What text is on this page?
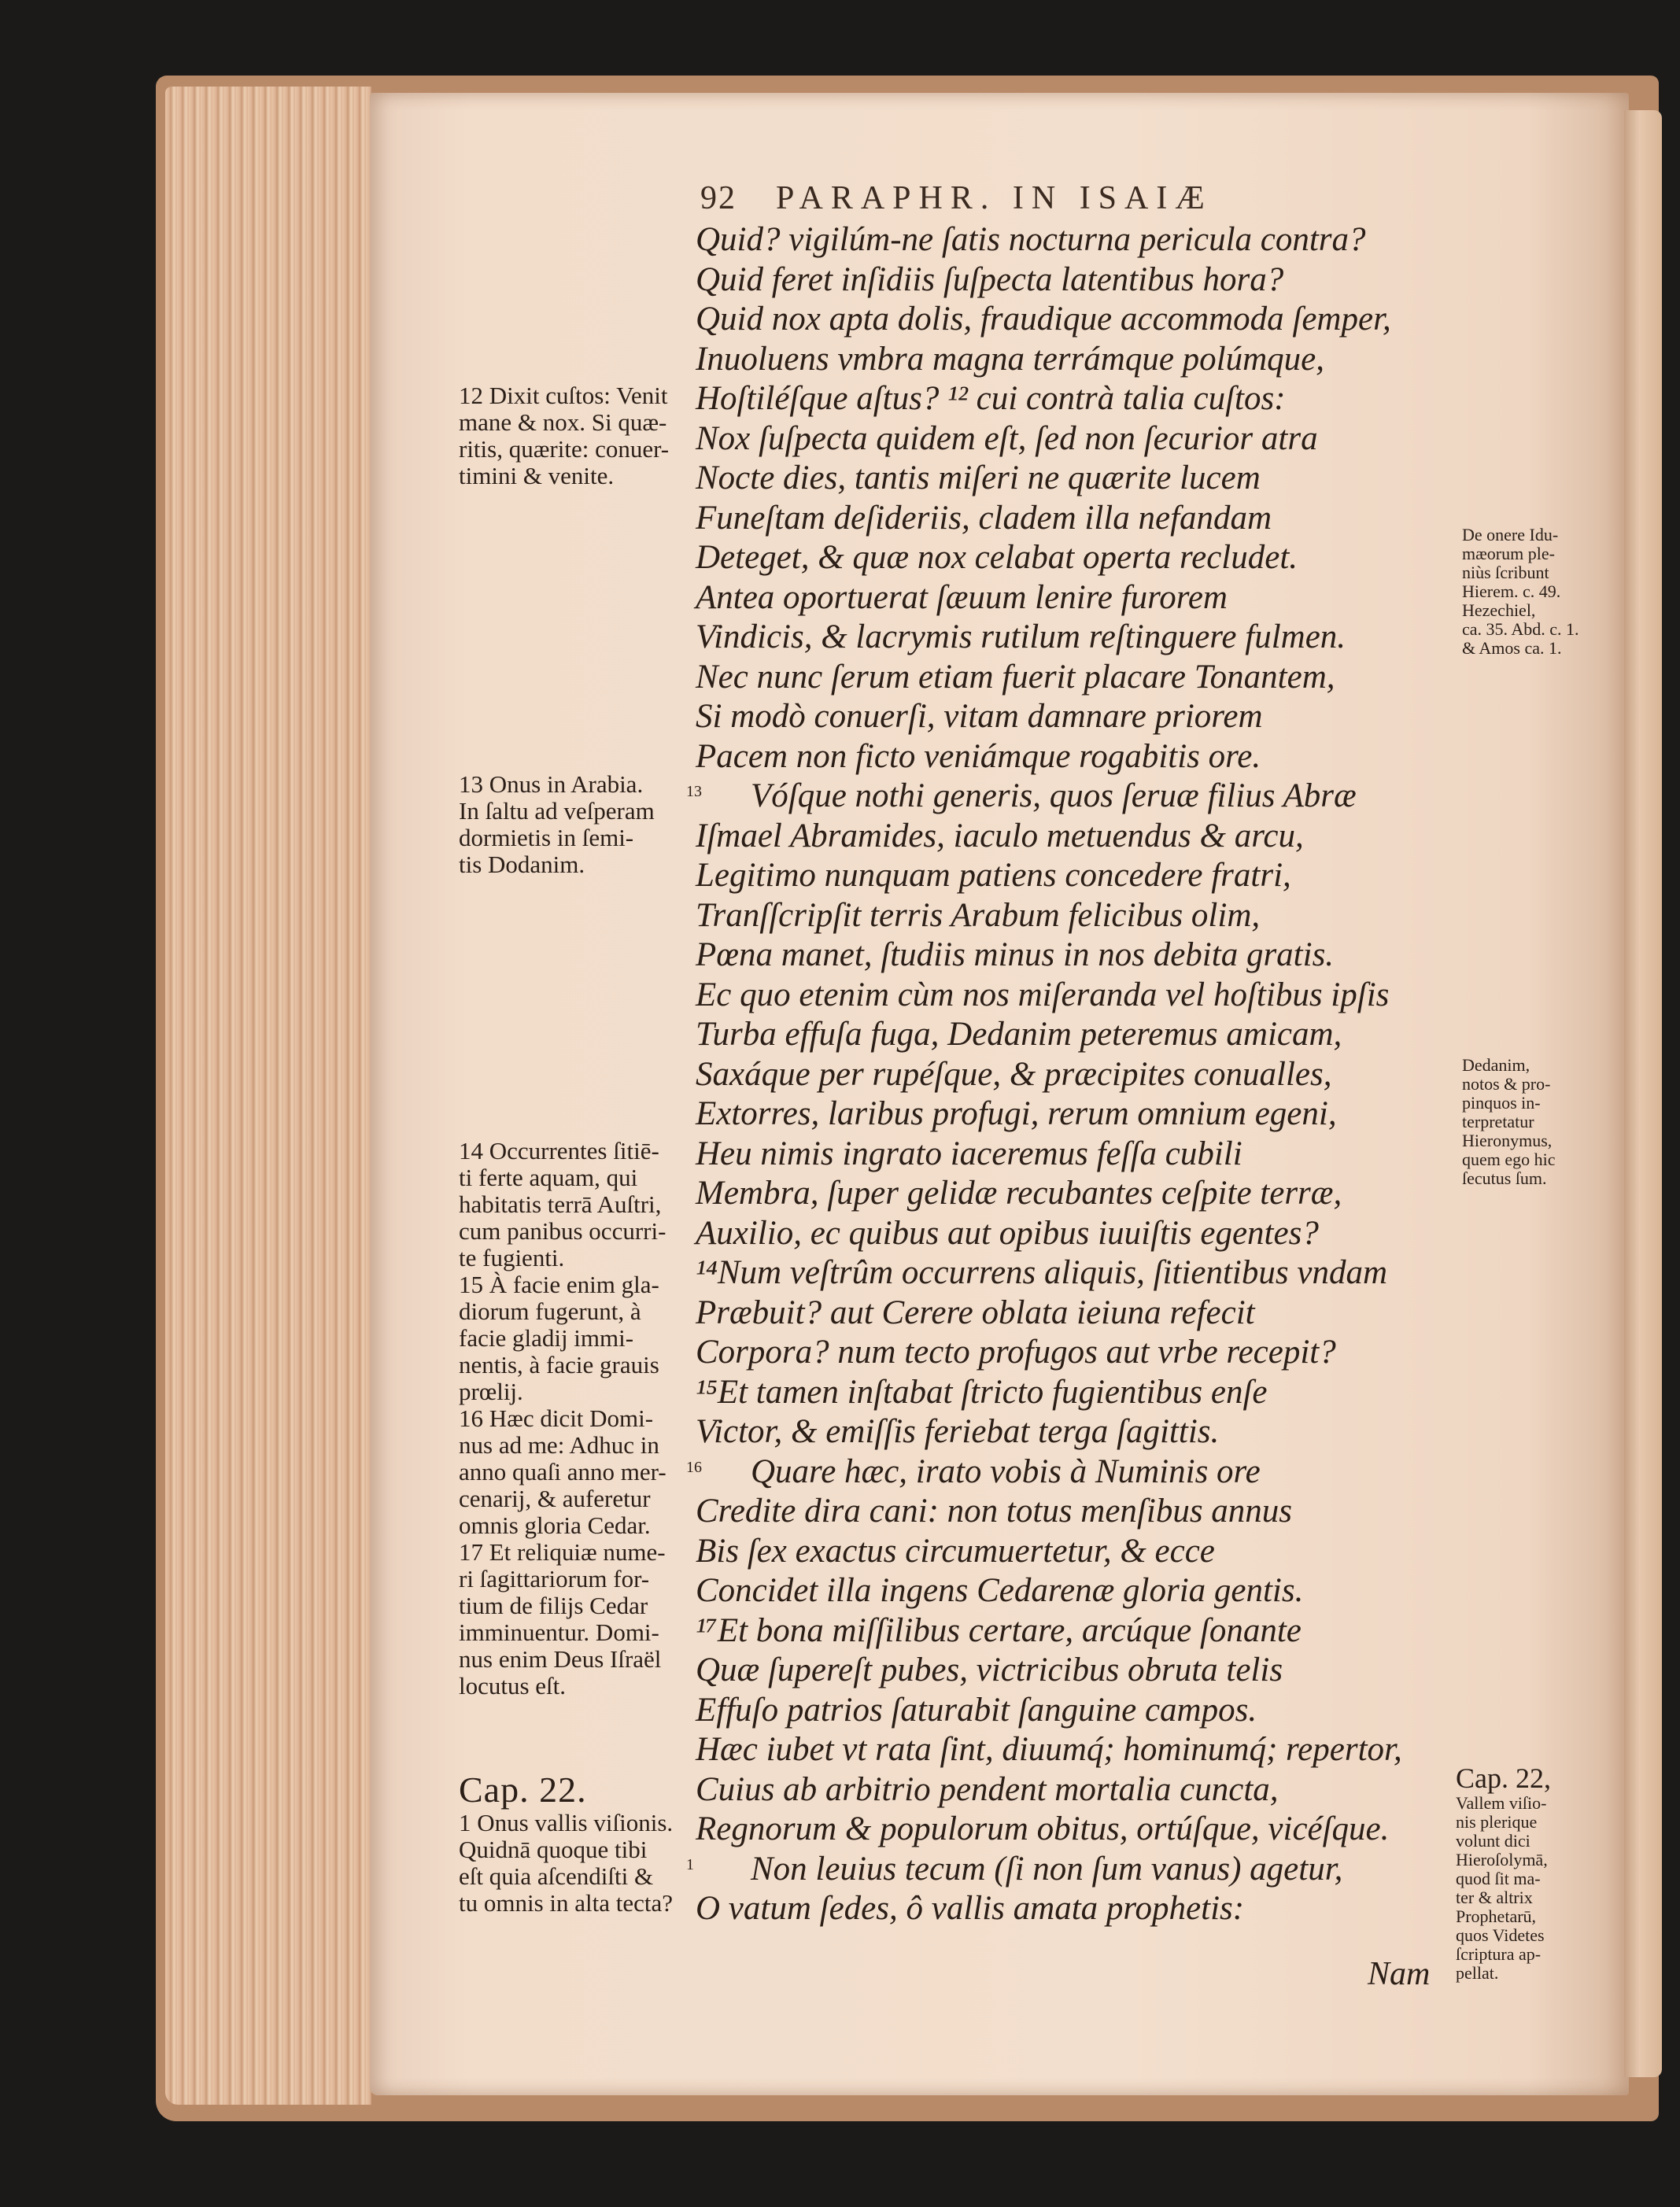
92 PARAPHR. IN ISAIÆ
Quid? vigilúm-ne ſatis nocturna pericula contra?
Quid feret inſidiis ſuſpecta latentibus hora?
Quid nox apta dolis, fraudique accommoda ſemper,
Inuoluens vmbra magna terrámque polúmque,
Hoſtiléſque aſtus? ¹² cui contrà talia cuſtos:
Nox ſuſpecta quidem eſt, ſed non ſecurior atra
Nocte dies, tantis miſeri ne quærite lucem
Funeſtam deſideriis, cladem illa nefandam
Deteget, & quæ nox celabat operta recludet.
Antea oportuerat ſæuum lenire furorem
Vindicis, & lacrymis rutilum reſtinguere fulmen.
Nec nunc ſerum etiam fuerit placare Tonantem,
Si modò conuerſi, vitam damnare priorem
Pacem non ficto veniámque rogabitis ore.
13 Vóſque nothi generis, quos ſeruæ filius Abræ
Iſmael Abramides, iaculo metuendus & arcu,
Legitimo nunquam patiens concedere fratri,
Tranſſcripſit terris Arabum felicibus olim,
Pœna manet, ſtudiis minus in nos debita gratis.
Ec quo etenim cùm nos miſeranda vel hoſtibus ipſis
Turba effuſa fuga, Dedanim peteremus amicam,
Saxáque per rupéſque, & præcipites conualles,
Extorres, laribus profugi, rerum omnium egeni,
Heu nimis ingrato iaceremus feſſa cubili
Membra, ſuper gelidæ recubantes ceſpite terræ,
Auxilio, ec quibus aut opibus iuuiſtis egentes?
¹⁴Num veſtrûm occurrens aliquis, ſitientibus vndam
Præbuit? aut Cerere oblata ieiuna refecit
Corpora? num tecto profugos aut vrbe recepit?
¹⁵Et tamen inſtabat ſtricto fugientibus enſe
Victor, & emiſſis feriebat terga ſagittis.
16 Quare hæc, irato vobis à Numinis ore
Credite dira cani: non totus menſibus annus
Bis ſex exactus circumuertetur, & ecce
Concidet illa ingens Cedarenæ gloria gentis.
¹⁷Et bona miſſilibus certare, arcúque ſonante
Quæ ſupereſt pubes, victricibus obruta telis
Effuſo patrios ſaturabit ſanguine campos.
Hæc iubet vt rata ſint, diuumq́; hominumq́; repertor,
Cuius ab arbitrio pendent mortalia cuncta,
Regnorum & populorum obitus, ortúſque, vicéſque.
1 Non leuius tecum (ſi non ſum vanus) agetur,
O vatum ſedes, ô vallis amata prophetis:
Nam
12 Dixit cuſtos: Venit
mane & nox. Si quæ-
ritis, quærite: conuer-
timini & venite.
13 Onus in Arabia.
In ſaltu ad veſperam
dormietis in ſemi-
tis Dodanim.
14 Occurrentes ſitiē-
ti ferte aquam, qui
habitatis terrā Auſtri,
cum panibus occurri-
te fugienti.
15 À facie enim gla-
diorum fugerunt, à
facie gladij immi-
nentis, à facie grauis
prœlij.
16 Hæc dicit Domi-
nus ad me: Adhuc in
anno quaſi anno mer-
cenarij, & auferetur
omnis gloria Cedar.
17 Et reliquiæ nume-
ri ſagittariorum for-
tium de filijs Cedar
imminuentur. Domi-
nus enim Deus Iſraël
locutus eſt.
Cap. 22.
1 Onus vallis viſionis.
Quidnā quoque tibi
eſt quia aſcendiſti &
tu omnis in alta tecta?
De onere Idu-
mæorum ple-
niùs ſcribunt
Hierem. c. 49.
Hezechiel,
ca. 35. Abd. c. 1.
& Amos ca. 1.
Dedanim,
notos & pro-
pinquos in-
terpretatur
Hieronymus,
quem ego hic
ſecutus ſum.
Cap. 22,
Vallem viſio-
nis plerique
volunt dici
Hieroſolymā,
quod ſit ma-
ter & altrix
Prophetarū,
quos Videtes
ſcriptura ap-
pellat.
